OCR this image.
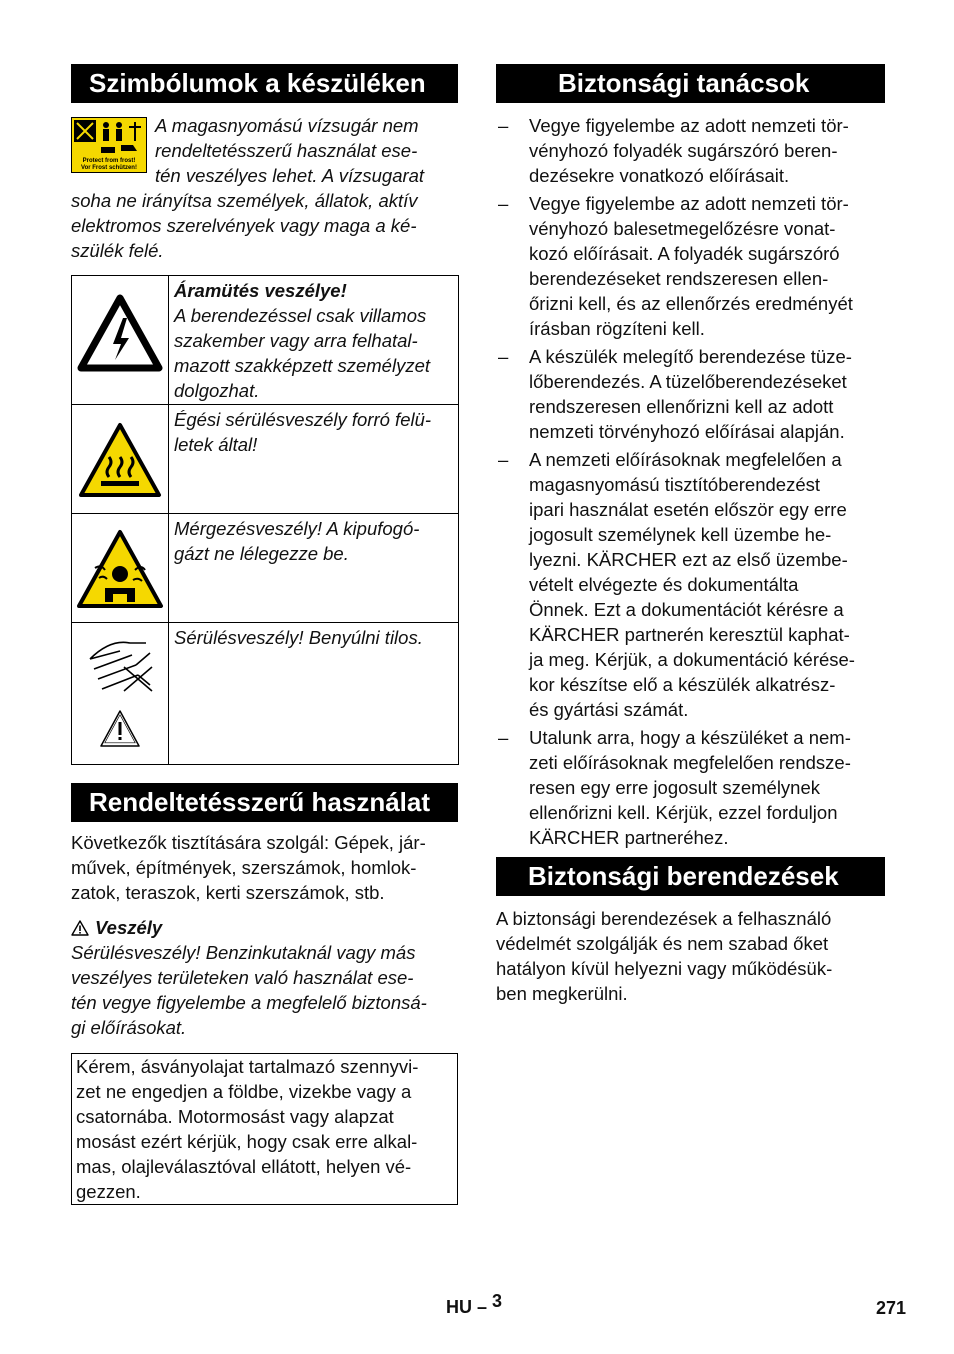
Szimbólumok a készüléken
Protect from frost!
Vor Frost schützen!

A magasnyomású vízsugár nem

rendeltetésszerű használat ese-

tén veszélyes lehet. A vízsugarat

soha ne irányítsa személyek, állatok, aktív

elektromos szerelvények vagy maga a ké-

szülék felé.

Áramütés veszélye!
A berendezéssel csak villamos
szakember vagy arra felhatal-
mazott szakképzett személyzet
dolgozhat.

Égési sérülésveszély forró felü-
letek által!

Mérgezésveszély! A kipufogó-
gázt ne lélegezze be.

Sérülésveszély! Benyúlni tilos.
Rendeltetésszerű használat

Következők tisztítására szolgál: Gépek, jár-

művek, építmények, szerszámok, homlok-

zatok, teraszok, kerti szerszámok, stb.

Veszély

Sérülésveszély! Benzinkutaknál vagy más

veszélyes területeken való használat ese-

tén vegye figyelembe a megfelelő biztonsá-

gi előírásokat.

Kérem, ásványolajat tartalmazó szennyvi-

zet ne engedjen a földbe, vizekbe vagy a

csatornába. Motormosást vagy alapzat

mosást ezért kérjük, hogy csak erre alkal-

mas, olajleválasztóval ellátott, helyen vé-

gezzen.

Biztonsági tanácsok
– Vegye figyelembe az adott nemzeti tör-
vényhozó folyadék sugárszóró beren-
dezésekre vonatkozó előírásait.
– Vegye figyelembe az adott nemzeti tör-
vényhozó balesetmegelőzésre vonat-
kozó előírásait. A folyadék sugárszóró
berendezéseket rendszeresen ellen-
őrizni kell, és az ellenőrzés eredményét
írásban rögzíteni kell.
– A készülék melegítő berendezése tüze-
lőberendezés. A tüzelőberendezéseket
rendszeresen ellenőrizni kell az adott
nemzeti törvényhozó előírásai alapján.
– A nemzeti előírásoknak megfelelően a
magasnyomású tisztítóberendezést
ipari használat esetén először egy erre
jogosult személynek kell üzembe he-
lyezni. KÄRCHER ezt az első üzembe-
vételt elvégezte és dokumentálta
Önnek. Ezt a dokumentációt kérésre a
KÄRCHER partnerén keresztül kaphat-
ja meg. Kérjük, a dokumentáció kérése-
kor készítse elő a készülék alkatrész-
és gyártási számát.
– Utalunk arra, hogy a készüléket a nem-
zeti előírásoknak megfelelően rendsze-
resen egy erre jogosult személynek
ellenőrizni kell. Kérjük, ezzel forduljon
KÄRCHER partneréhez.
Biztonsági berendezések

A biztonsági berendezések a felhasználó

védelmét szolgálják és nem szabad őket

hatályon kívül helyezni vagy működésük-

ben megkerülni.

HU – 3	271
